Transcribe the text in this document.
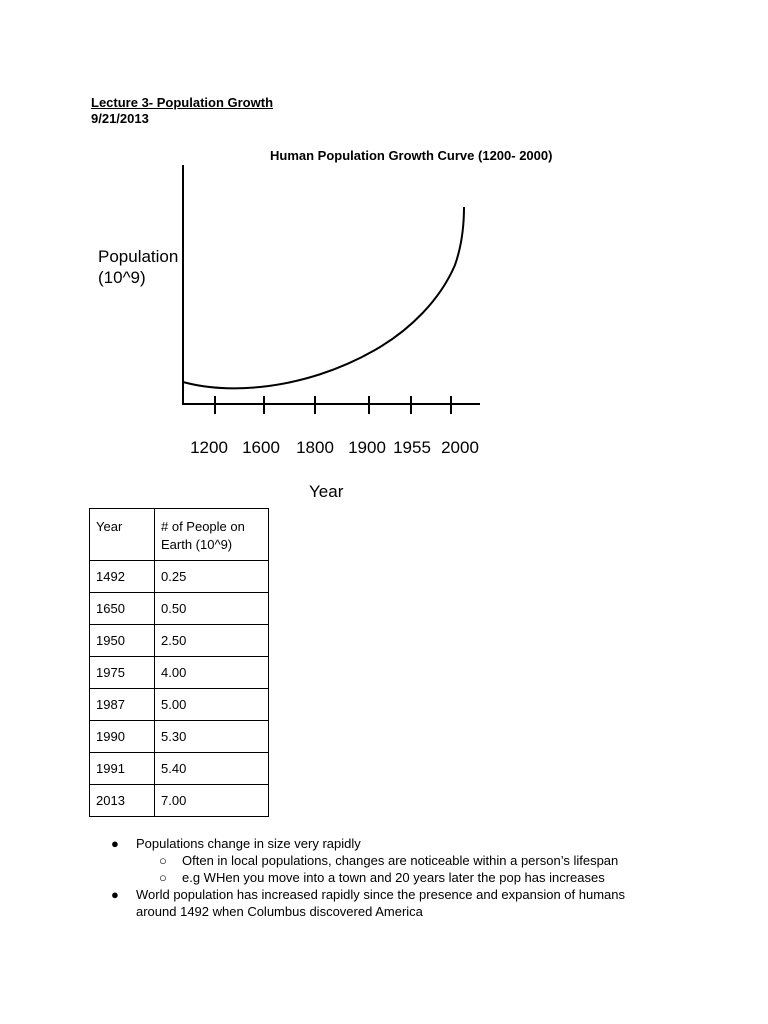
Lecture 3- Population Growth
9/21/2013
Human Population Growth Curve (1200- 2000)
Population
(10^9)
1200 1600 1800 1900 1955 2000
Year
Year	# of People on Earth (10^9)
1492	0.25
1650	0.50
1950	2.50
1975	4.00
1987	5.00
1990	5.30
1991	5.40
2013	7.00
● Populations change in size very rapidly
○ Often in local populations, changes are noticeable within a person’s lifespan
○ e.g WHen you move into a town and 20 years later the pop has increases
● World population has increased rapidly since the presence and expansion of humans
around 1492 when Columbus discovered America
